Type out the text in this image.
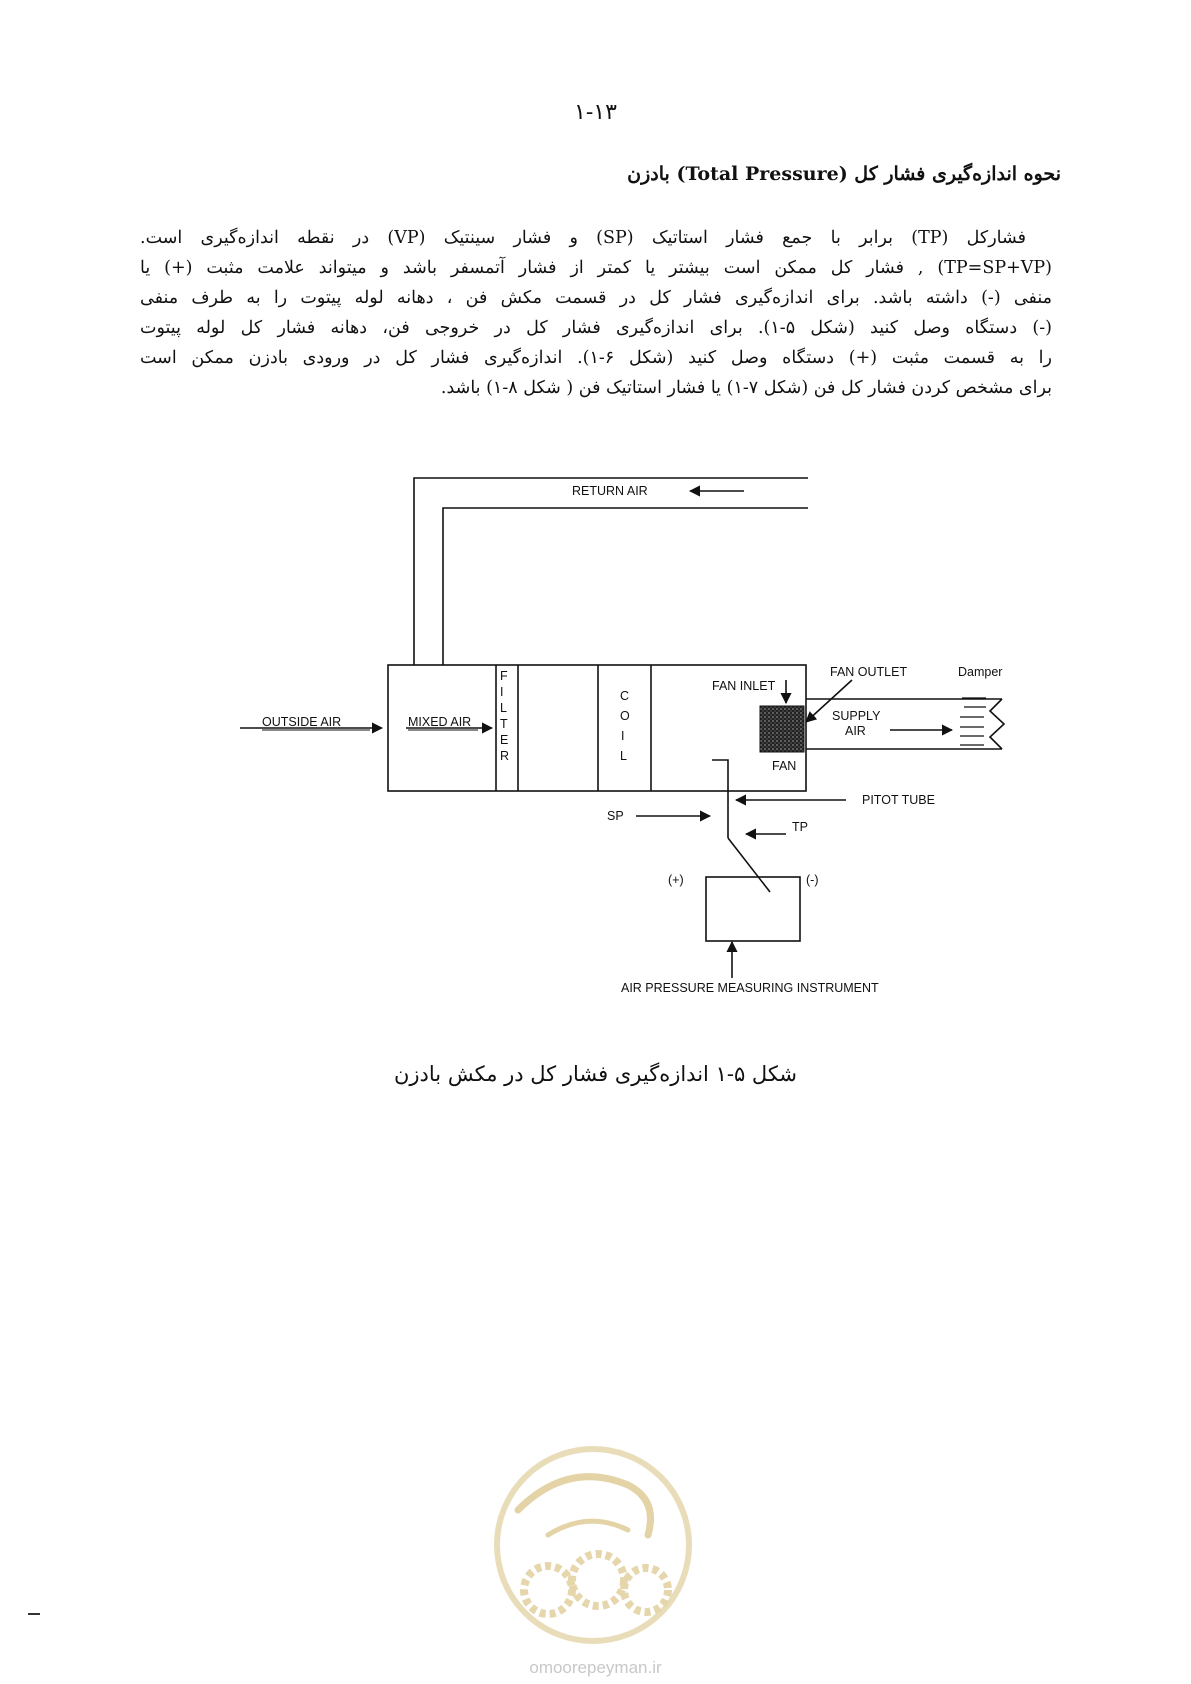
۱-۱۳
نحوه اندازه‌گیری فشار کل (Total Pressure) بادزن
فشارکل (TP) برابر با جمع فشار استاتیک (SP) و فشار سینتیک (VP) در نقطه اندازه‌گیری است.
(TP=SP+VP) , فشار کل ممکن است بیشتر یا کمتر از فشار آتمسفر باشد و میتواند علامت مثبت (+) یا
منفی (-) داشته باشد. برای اندازه‌گیری فشار کل در قسمت مکش فن ، دهانه لوله پیتوت را به طرف منفی
(-) دستگاه وصل کنید (شکل ۵-۱). برای اندازه‌گیری فشار کل در خروجی فن، دهانه فشار کل لوله پیتوت
را به قسمت مثبت (+) دستگاه وصل کنید (شکل ۶-۱). اندازه‌گیری فشار کل در ورودی بادزن ممکن است
برای مشخص کردن فشار کل فن (شکل ۷-۱) یا فشار استاتیک فن ( شکل ۸-۱) باشد.
RETURN AIR
OUTSIDE AIR	MIXED AIR
F
I
L
T
E
R
C
O
I
L
FAN INLET
FAN OUTLET	Damper
SUPPLY
AIR
FAN
PITOT TUBE
SP
TP
(+)	(-)
AIR PRESSURE MEASURING INSTRUMENT
شکل ۵-۱ اندازه‌گیری فشار کل در مکش بادزن
omoorepeyman.ir
